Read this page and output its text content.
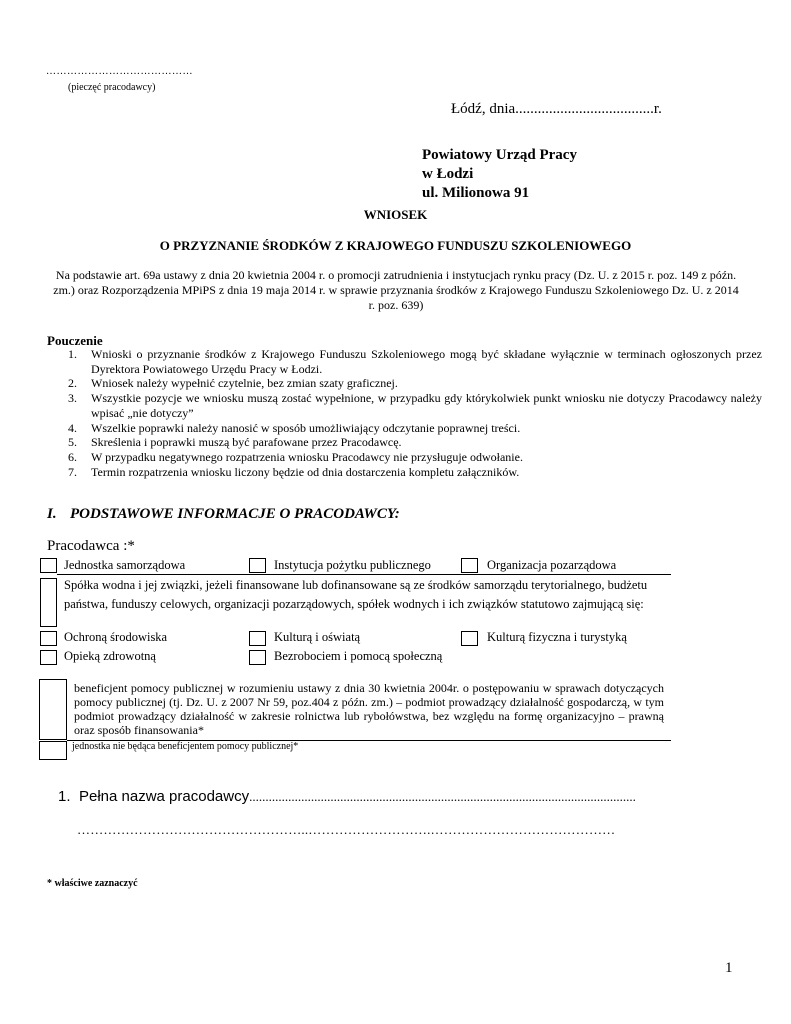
……………………………………
(pieczęć pracodawcy)
Łódź, dnia.....................................r.
Powiatowy Urząd Pracy
w Łodzi
ul. Milionowa 91
WNIOSEK
O PRZYZNANIE ŚRODKÓW Z KRAJOWEGO FUNDUSZU SZKOLENIOWEGO
Na podstawie art. 69a ustawy z dnia 20 kwietnia 2004 r. o promocji zatrudnienia i instytucjach rynku pracy (Dz. U. z 2015 r. poz. 149 z późn. zm.) oraz Rozporządzenia MPiPS z dnia 19 maja 2014 r. w sprawie przyznania środków z Krajowego Funduszu Szkoleniowego Dz. U. z 2014 r. poz. 639)
Pouczenie
1.	Wnioski o przyznanie środków z Krajowego Funduszu Szkoleniowego mogą być składane wyłącznie w terminach ogłoszonych przez Dyrektora Powiatowego Urzędu Pracy w Łodzi.
2.	Wniosek należy wypełnić czytelnie, bez zmian szaty graficznej.
3.	Wszystkie pozycje we wniosku muszą zostać wypełnione, w przypadku gdy którykolwiek punkt wniosku nie dotyczy Pracodawcy należy wpisać „nie dotyczy”
4.	Wszelkie poprawki należy nanosić w sposób umożliwiający odczytanie poprawnej treści.
5.	Skreślenia i poprawki muszą być parafowane przez Pracodawcę.
6.	W przypadku negatywnego rozpatrzenia wniosku Pracodawcy nie przysługuje odwołanie.
7.	Termin rozpatrzenia wniosku liczony będzie od dnia dostarczenia kompletu załączników.
I. PODSTAWOWE INFORMACJE O PRACODAWCY:
Pracodawca :*
Jednostka samorządowa	Instytucja pożytku publicznego	Organizacja pozarządowa
Spółka wodna i jej związki, jeżeli finansowane lub dofinansowane są ze środków samorządu terytorialnego, budżetu państwa, funduszy celowych, organizacji pozarządowych, spółek wodnych i ich związków statutowo zajmującą się:
Ochroną środowiska	Kulturą i oświatą	Kulturą fizyczna i turystyką
Opieką zdrowotną	Bezrobociem i pomocą społeczną
beneficjent pomocy publicznej w rozumieniu ustawy z dnia 30 kwietnia 2004r. o postępowaniu w sprawach dotyczących pomocy publicznej (tj. Dz. U. z 2007 Nr 59, poz.404 z późn. zm.) – podmiot prowadzący działalność gospodarczą, w tym podmiot prowadzący działalność w zakresie rolnictwa lub rybołówstwa, bez względu na formę organizacyjno – prawną oraz sposób finansowania*
jednostka nie będąca beneficjentem pomocy publicznej*
1. Pełna nazwa pracodawcy.......................................................................................................................
……………………………………………..……………………….……………………………………
* właściwe zaznaczyć
1
